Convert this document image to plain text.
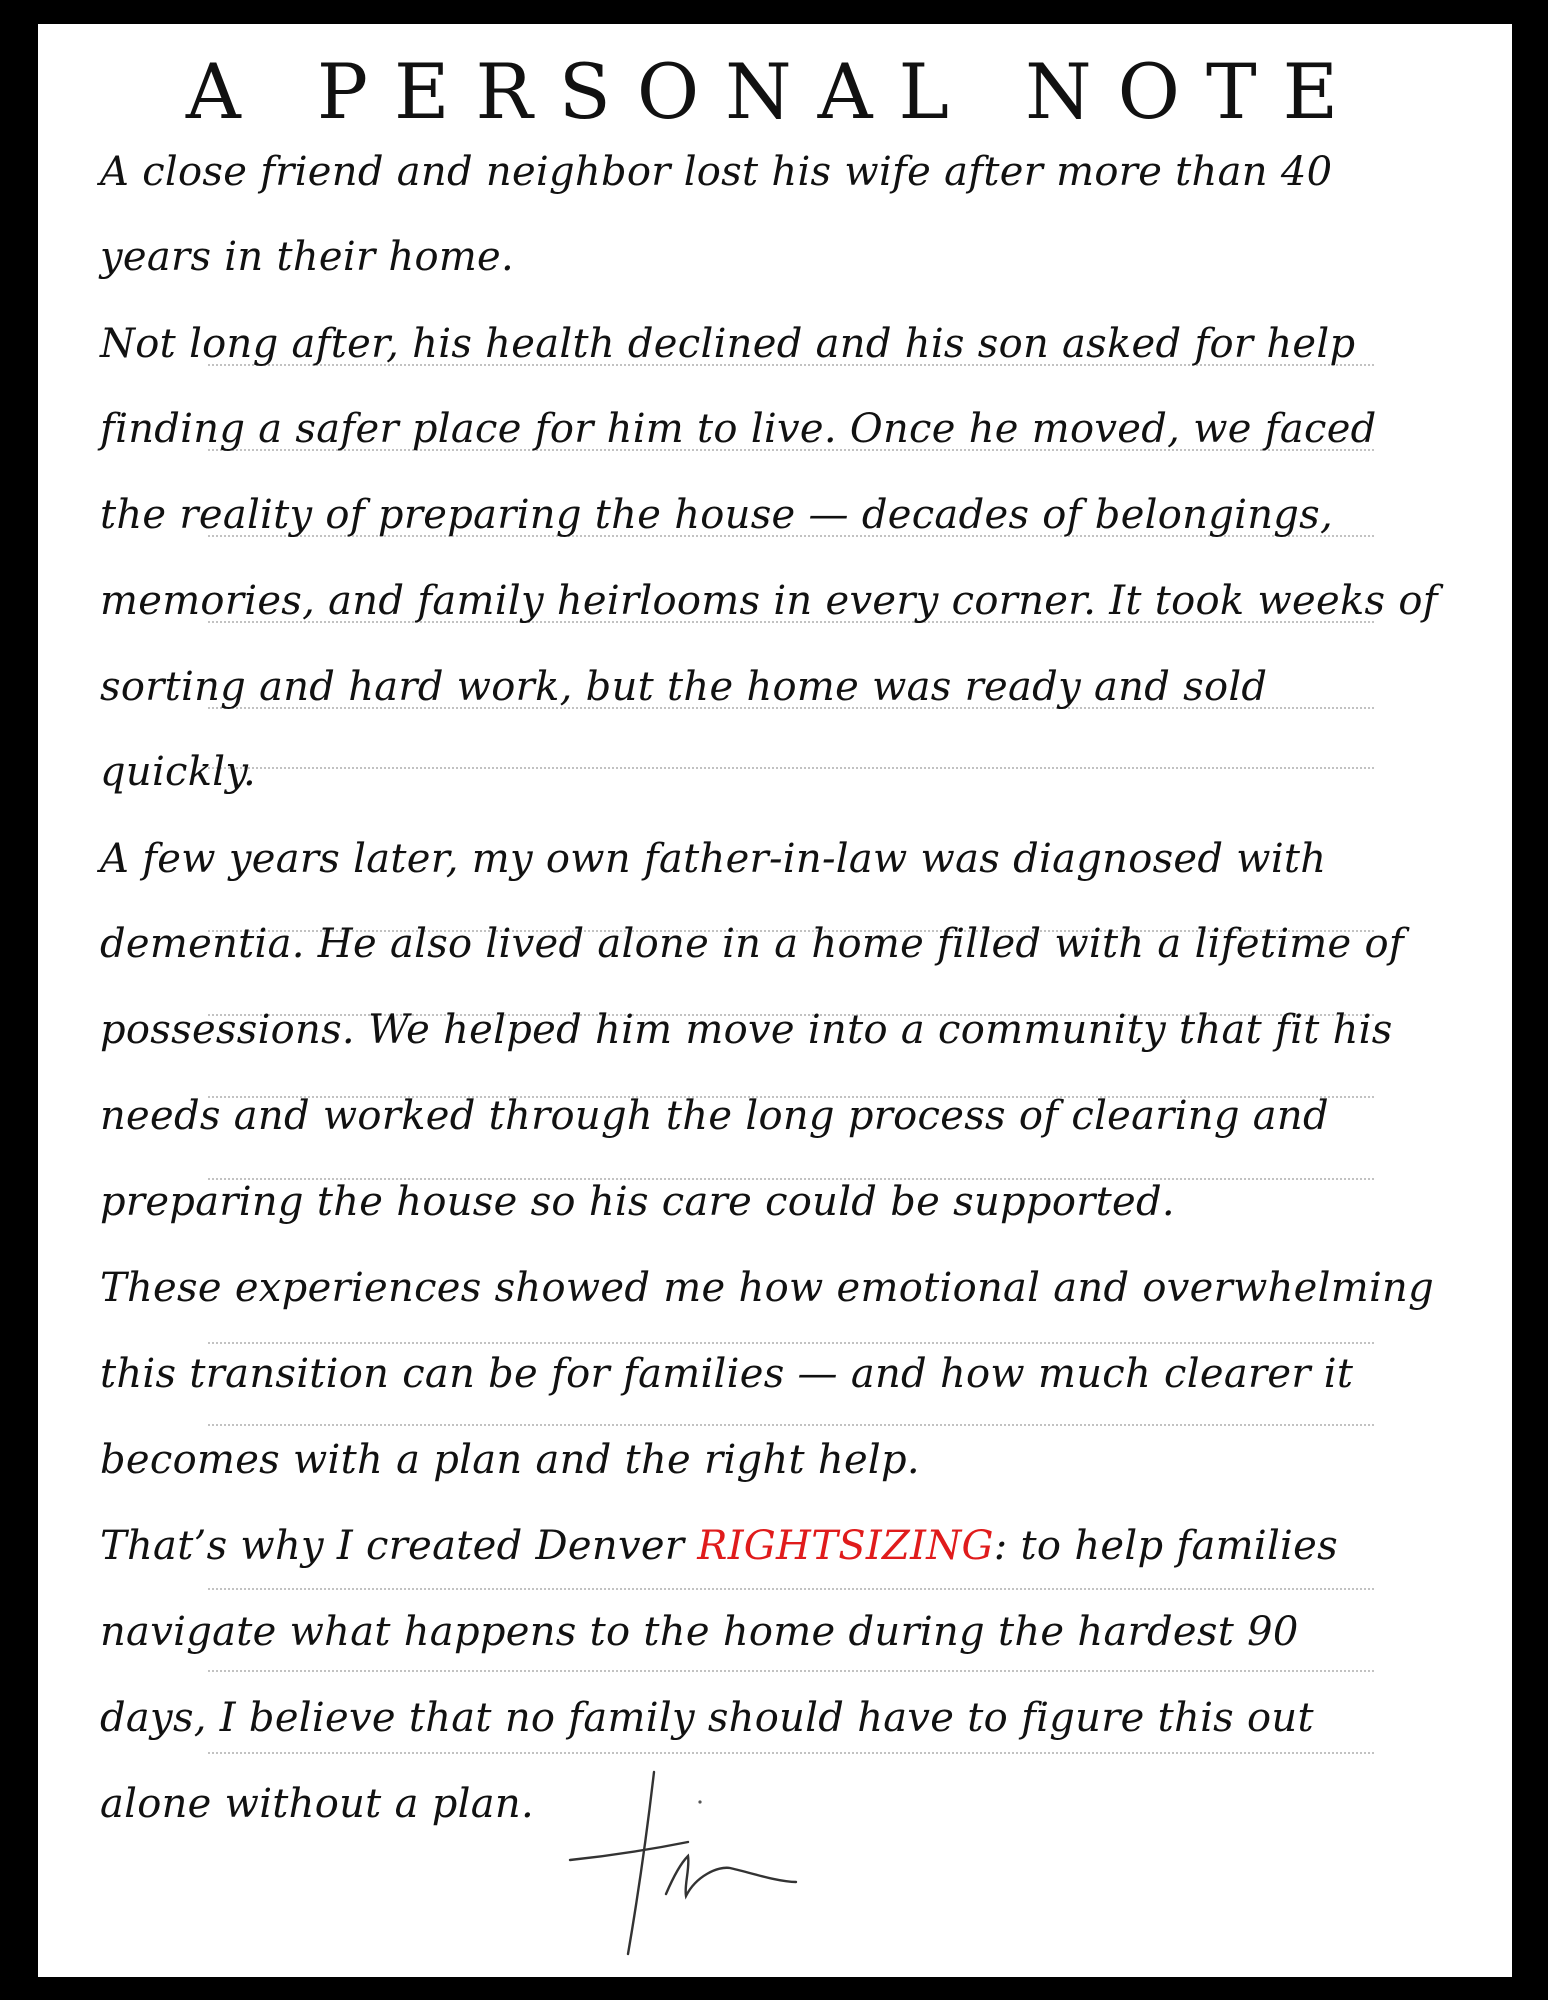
A PERSONAL NOTE
A close friend and neighbor lost his wife after more than 40
years in their home.
Not long after, his health declined and his son asked for help
finding a safer place for him to live. Once he moved, we faced
the reality of preparing the house — decades of belongings,
memories, and family heirlooms in every corner. It took weeks of
sorting and hard work, but the home was ready and sold
quickly.
A few years later, my own father-in-law was diagnosed with
dementia. He also lived alone in a home filled with a lifetime of
possessions. We helped him move into a community that fit his
needs and worked through the long process of clearing and
preparing the house so his care could be supported.
These experiences showed me how emotional and overwhelming
this transition can be for families — and how much clearer it
becomes with a plan and the right help.
That’s why I created Denver RIGHTSIZING: to help families
navigate what happens to the home during the hardest 90
days, I believe that no family should have to figure this out
alone without a plan.
